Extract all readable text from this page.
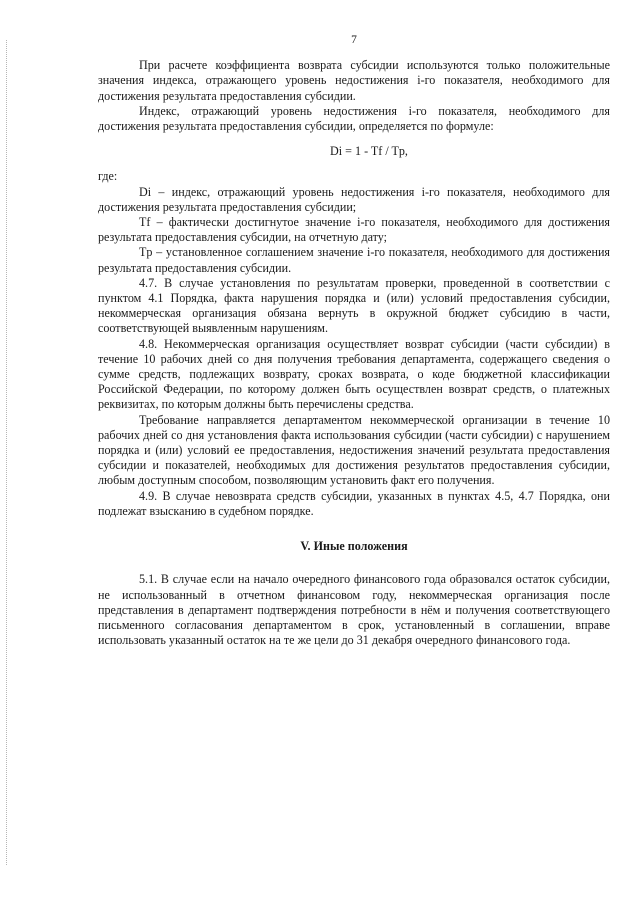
7

При расчете коэффициента возврата субсидии используются только положительные значения индекса, отражающего уровень недостижения i-го показателя, необходимого для достижения результата предоставления субсидии.

Индекс, отражающий уровень недостижения i-го показателя, необходимого для достижения результата предоставления субсидии, определяется по формуле:

Di = 1 - Tf / Tp,

где:

Di – индекс, отражающий уровень недостижения i-го показателя, необходимого для достижения результата предоставления субсидии;

Tf – фактически достигнутое значение i-го показателя, необходимого для достижения результата предоставления субсидии, на отчетную дату;

Tp – установленное соглашением значение i-го показателя, необходимого для достижения результата предоставления субсидии.

4.7. В случае установления по результатам проверки, проведенной в соответствии с пунктом 4.1 Порядка, факта нарушения порядка и (или) условий предоставления субсидии, некоммерческая организация обязана вернуть в окружной бюджет субсидию в части, соответствующей выявленным нарушениям.

4.8. Некоммерческая организация осуществляет возврат субсидии (части субсидии) в течение 10 рабочих дней со дня получения требования департамента, содержащего сведения о сумме средств, подлежащих возврату, сроках возврата, о коде бюджетной классификации Российской Федерации, по которому должен быть осуществлен возврат средств, о платежных реквизитах, по которым должны быть перечислены средства.

Требование направляется департаментом некоммерческой организации в течение 10 рабочих дней со дня установления факта использования субсидии (части субсидии) с нарушением порядка и (или) условий ее предоставления, недостижения значений результата предоставления субсидии и показателей, необходимых для достижения результатов предоставления субсидии, любым доступным способом, позволяющим установить факт его получения.

4.9. В случае невозврата средств субсидии, указанных в пунктах 4.5, 4.7 Порядка, они подлежат взысканию в судебном порядке.

V. Иные положения

5.1. В случае если на начало очередного финансового года образовался остаток субсидии, не использованный в отчетном финансовом году, некоммерческая организация после представления в департамент подтверждения потребности в нём и получения соответствующего письменного согласования департаментом в срок, установленный в соглашении, вправе использовать указанный остаток на те же цели до 31 декабря очередного финансового года.
